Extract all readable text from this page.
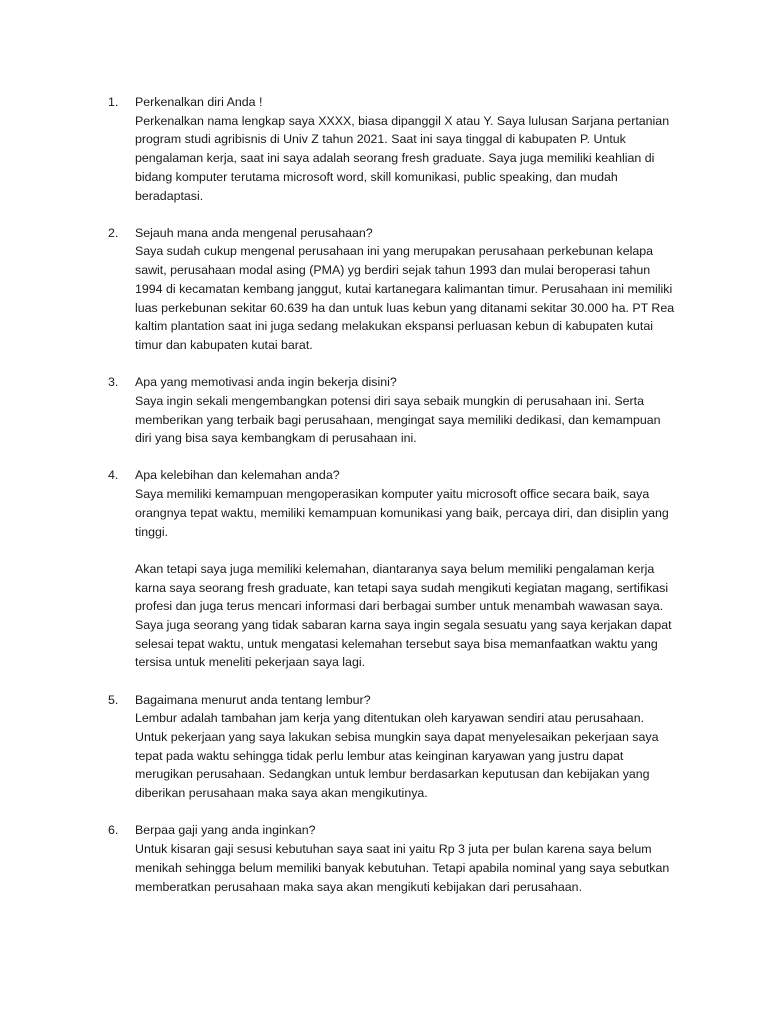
1. Perkenalkan diri Anda !

Perkenalkan nama lengkap saya XXXX, biasa dipanggil X atau Y. Saya lulusan Sarjana pertanian program studi agribisnis di Univ Z tahun 2021. Saat ini saya tinggal di kabupaten P. Untuk pengalaman kerja, saat ini saya adalah seorang fresh graduate. Saya juga memiliki keahlian di bidang komputer terutama microsoft word, skill komunikasi, public speaking, dan mudah beradaptasi.

2. Sejauh mana anda mengenal perusahaan?

Saya sudah cukup mengenal perusahaan ini yang merupakan perusahaan perkebunan kelapa sawit, perusahaan modal asing (PMA) yg berdiri sejak tahun 1993 dan mulai beroperasi tahun 1994 di kecamatan kembang janggut, kutai kartanegara kalimantan timur. Perusahaan ini memiliki luas perkebunan sekitar 60.639 ha dan untuk luas kebun yang ditanami sekitar 30.000 ha. PT Rea kaltim plantation saat ini juga sedang melakukan ekspansi perluasan kebun di kabupaten kutai timur dan kabupaten kutai barat.

3. Apa yang memotivasi anda ingin bekerja disini?

Saya ingin sekali mengembangkan potensi diri saya sebaik mungkin di perusahaan ini. Serta memberikan yang terbaik bagi perusahaan, mengingat saya memiliki dedikasi, dan kemampuan diri yang bisa saya kembangkam di perusahaan ini.

4. Apa kelebihan dan kelemahan anda?

Saya memiliki kemampuan mengoperasikan komputer yaitu microsoft office secara baik, saya orangnya tepat waktu, memiliki kemampuan komunikasi yang baik, percaya diri, dan disiplin yang tinggi.

Akan tetapi saya juga memiliki kelemahan, diantaranya saya belum memiliki pengalaman kerja karna saya seorang fresh graduate, kan tetapi saya sudah mengikuti kegiatan magang, sertifikasi profesi dan juga terus mencari informasi dari berbagai sumber untuk menambah wawasan saya. Saya juga seorang yang tidak sabaran karna saya ingin segala sesuatu yang saya kerjakan dapat selesai tepat waktu, untuk mengatasi kelemahan tersebut saya bisa memanfaatkan waktu yang tersisa untuk meneliti pekerjaan saya lagi.

5. Bagaimana menurut anda tentang lembur?

Lembur adalah tambahan jam kerja yang ditentukan oleh karyawan sendiri atau perusahaan. Untuk pekerjaan yang saya lakukan sebisa mungkin saya dapat menyelesaikan pekerjaan saya tepat pada waktu sehingga tidak perlu lembur atas keinginan karyawan yang justru dapat merugikan perusahaan. Sedangkan untuk lembur berdasarkan keputusan dan kebijakan yang diberikan perusahaan maka saya akan mengikutinya.

6. Berpaa gaji yang anda inginkan?

Untuk kisaran gaji sesusi kebutuhan saya saat ini yaitu Rp 3 juta per bulan karena saya belum menikah sehingga belum memiliki banyak kebutuhan. Tetapi apabila nominal yang saya sebutkan memberatkan perusahaan maka saya akan mengikuti kebijakan dari perusahaan.
